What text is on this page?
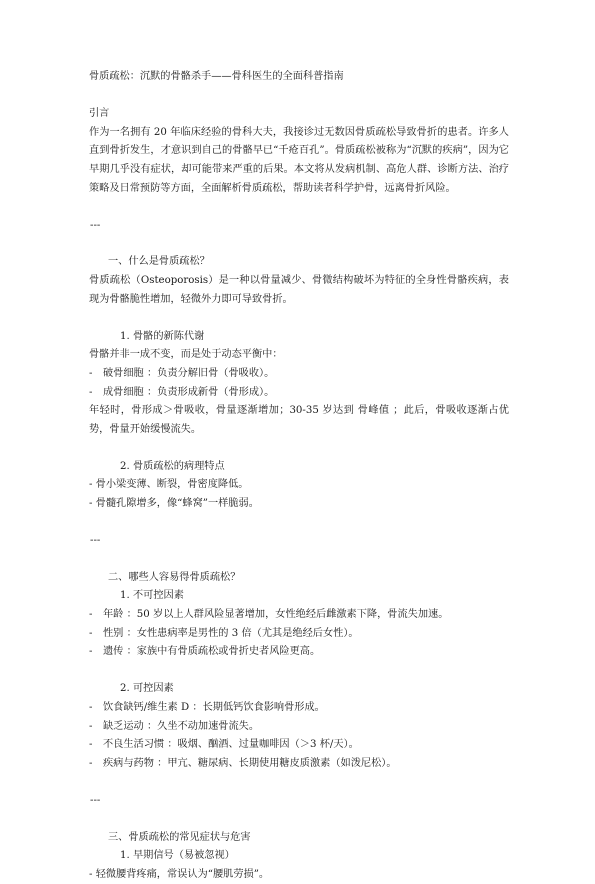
骨质疏松：沉默的骨骼杀手——骨科医生的全面科普指南

引言

作为一名拥有 20 年临床经验的骨科大夫，我接诊过无数因骨质疏松导致骨折的患者。许多人直到骨折发生，才意识到自己的骨骼早已“千疮百孔”。骨质疏松被称为“沉默的疾病”，因为它早期几乎没有症状，却可能带来严重的后果。本文将从发病机制、高危人群、诊断方法、治疗策略及日常预防等方面，全面解析骨质疏松，帮助读者科学护骨，远离骨折风险。

---

一、什么是骨质疏松？

骨质疏松（Osteoporosis）是一种以骨量减少、骨微结构破坏为特征的全身性骨骼疾病，表现为骨骼脆性增加，轻微外力即可导致骨折。

1. 骨骼的新陈代谢

骨骼并非一成不变，而是处于动态平衡中：

- 破骨细胞 ：负责分解旧骨（骨吸收）。

- 成骨细胞 ：负责形成新骨（骨形成）。

年轻时，骨形成＞骨吸收，骨量逐渐增加；30-35 岁达到 骨峰值 ；此后，骨吸收逐渐占优势，骨量开始缓慢流失。

2. 骨质疏松的病理特点

- 骨小梁变薄、断裂，骨密度降低。

- 骨髓孔隙增多，像“蜂窝”一样脆弱。

---

二、哪些人容易得骨质疏松？

1. 不可控因素

- 年龄 ：50 岁以上人群风险显著增加，女性绝经后雌激素下降，骨流失加速。

- 性别 ：女性患病率是男性的 3 倍（尤其是绝经后女性）。

- 遗传 ：家族中有骨质疏松或骨折史者风险更高。

2. 可控因素

- 饮食缺钙/维生素 D ：长期低钙饮食影响骨形成。

- 缺乏运动 ：久坐不动加速骨流失。

- 不良生活习惯 ：吸烟、酗酒、过量咖啡因（＞3 杯/天）。

- 疾病与药物 ：甲亢、糖尿病、长期使用糖皮质激素（如泼尼松）。

---

三、骨质疏松的常见症状与危害

1. 早期信号（易被忽视）

- 轻微腰背疼痛，常误认为“腰肌劳损”。
